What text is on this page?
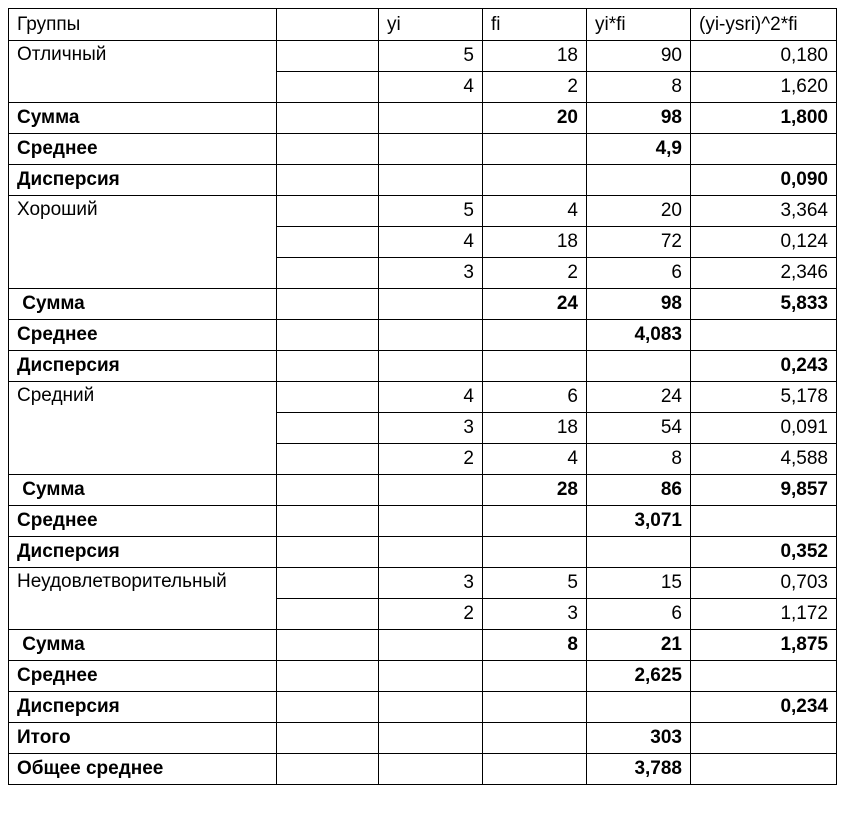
Группы		yi	fi	yi*fi	(yi-ysri)^2*fi
Отличный		5	18	90	0,180
		4	2	8	1,620
Сумма			20	98	1,800
Среднее				4,9	
Дисперсия					0,090
Хороший		5	4	20	3,364
		4	18	72	0,124
		3	2	6	2,346
Сумма			24	98	5,833
Среднее				4,083	
Дисперсия					0,243
Средний		4	6	24	5,178
		3	18	54	0,091
		2	4	8	4,588
Сумма			28	86	9,857
Среднее				3,071	
Дисперсия					0,352
Неудовлетворительный		3	5	15	0,703
		2	3	6	1,172
Сумма			8	21	1,875
Среднее				2,625	
Дисперсия					0,234
Итого				303	
Общее среднее				3,788	
